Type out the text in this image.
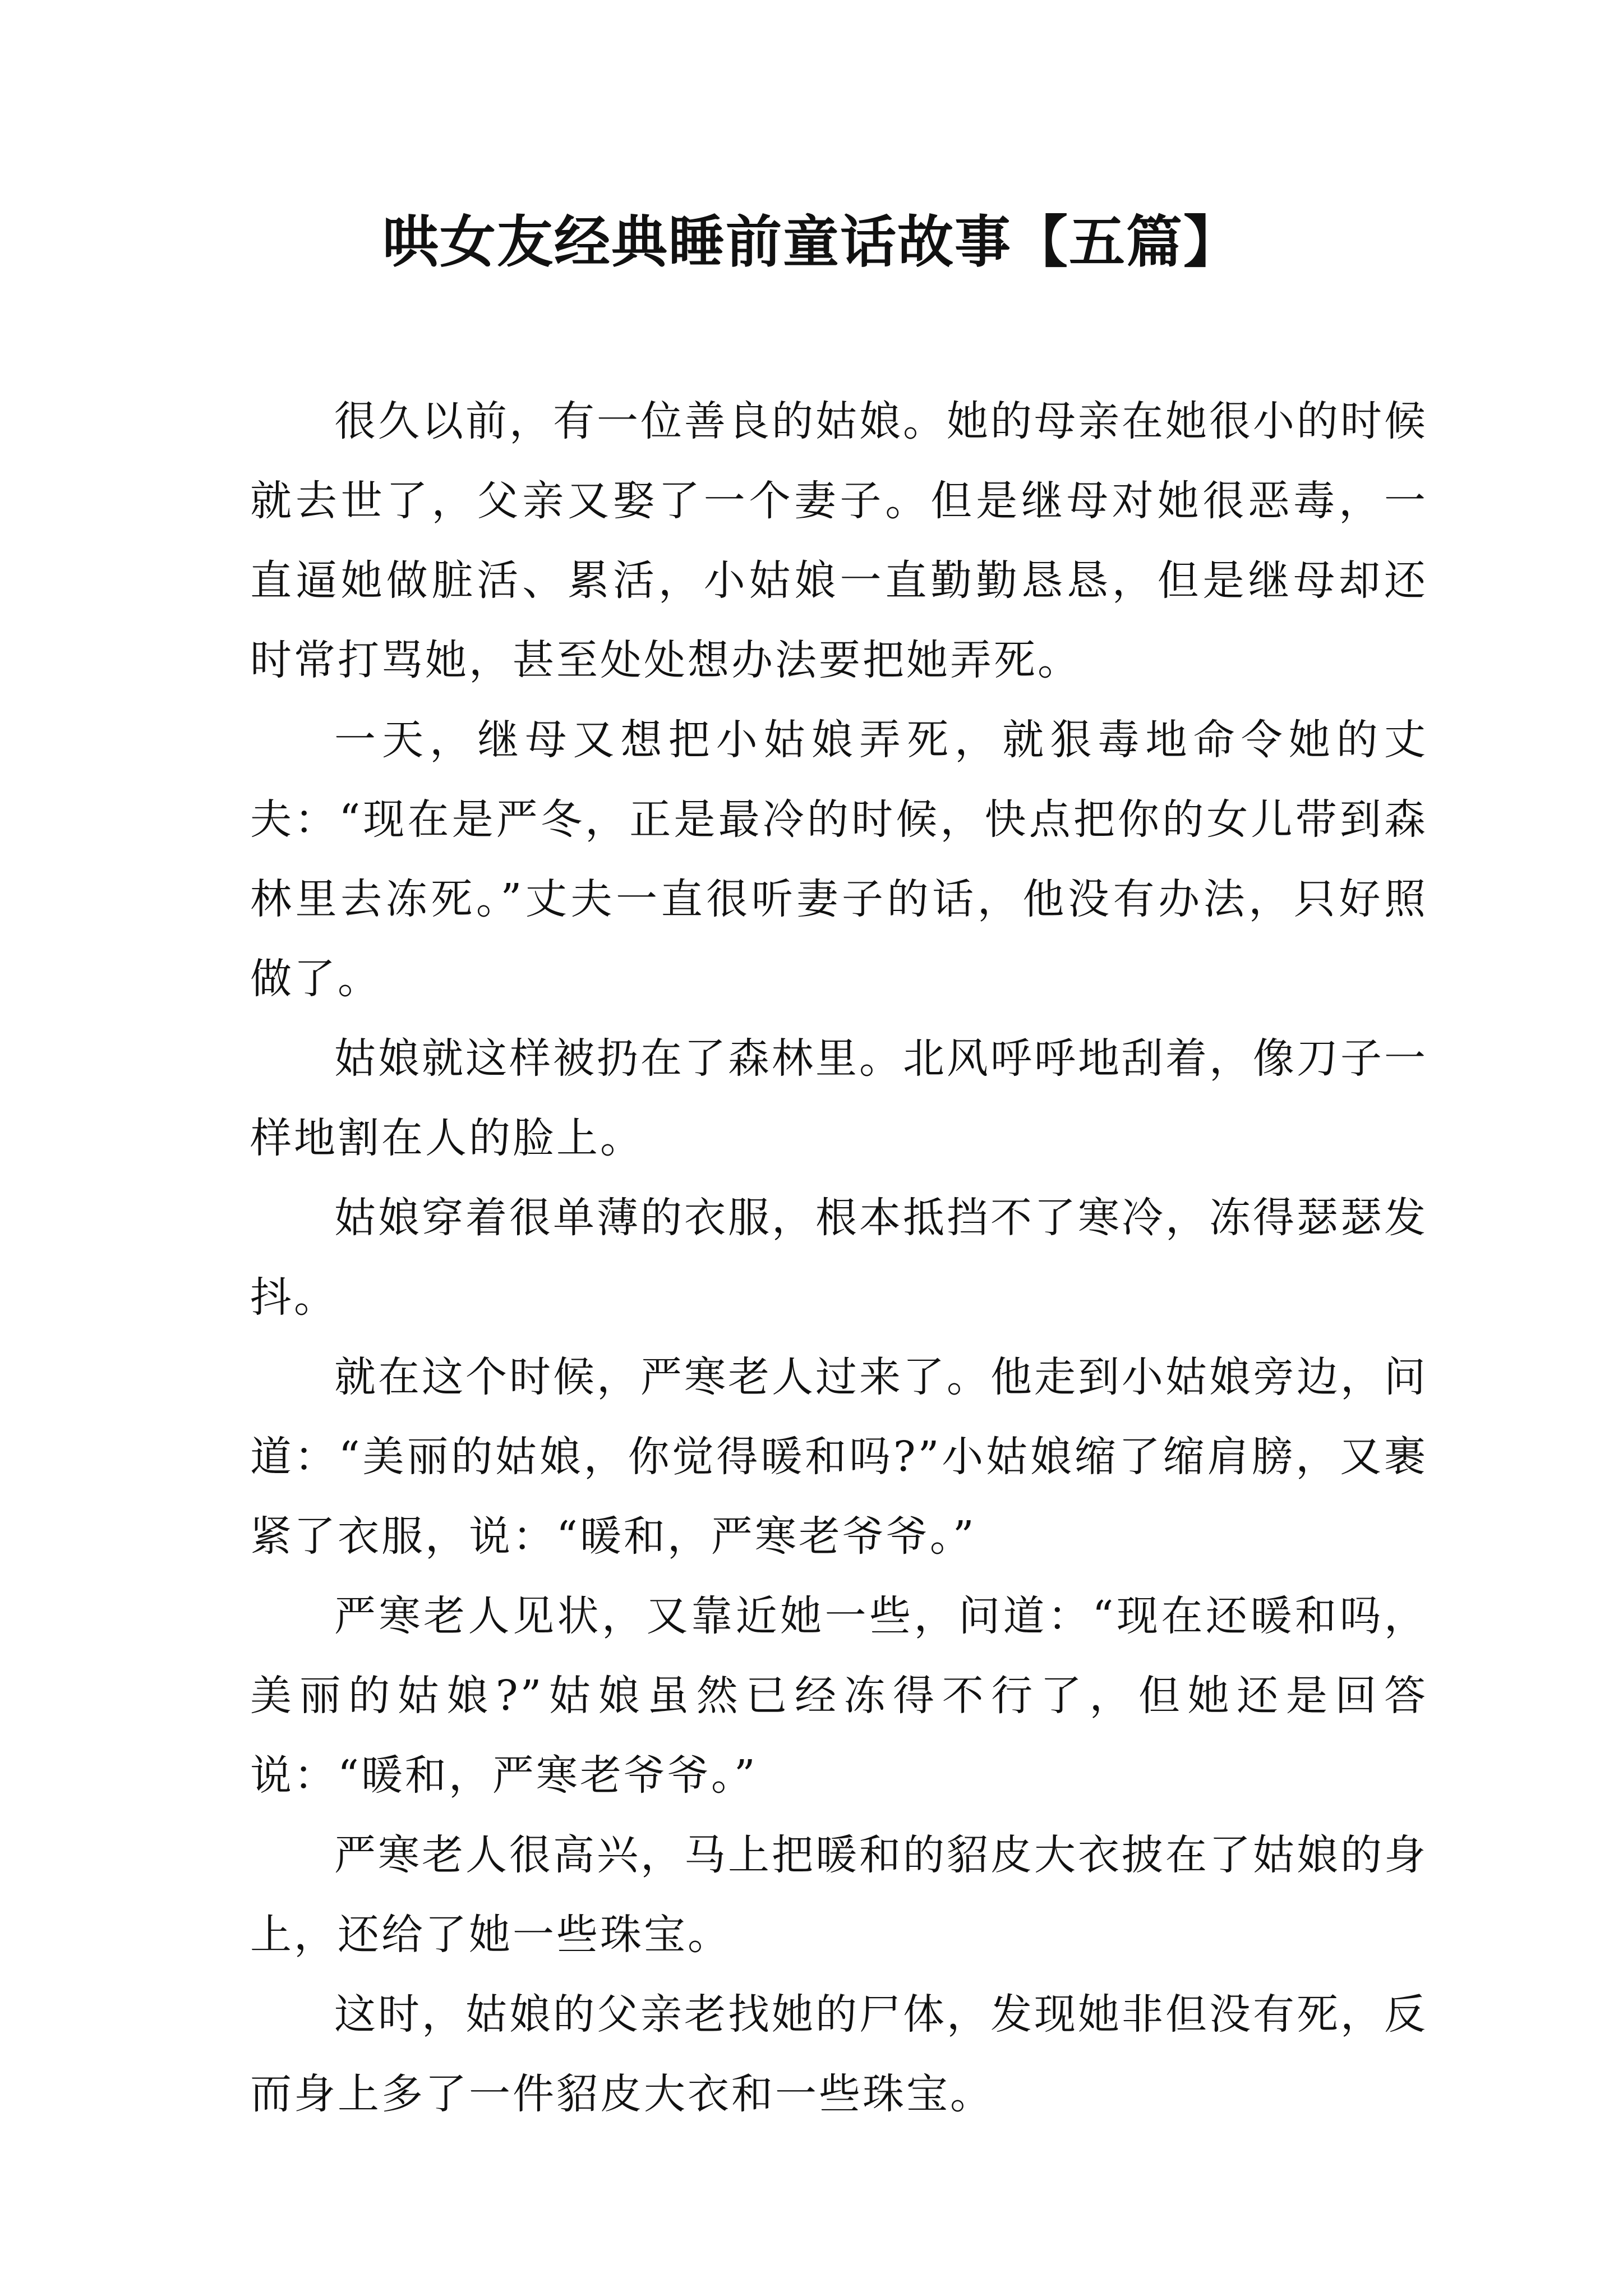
哄女友经典睡前童话故事【五篇】

很久以前，有一位善良的姑娘。她的母亲在她很小的时候就去世了，父亲又娶了一个妻子。但是继母对她很恶毒，一直逼她做脏活、累活，小姑娘一直勤勤恳恳，但是继母却还时常打骂她，甚至处处想办法要把她弄死。

一天，继母又想把小姑娘弄死，就狠毒地命令她的丈夫：“现在是严冬，正是最冷的时候，快点把你的女儿带到森林里去冻死。”丈夫一直很听妻子的话，他没有办法，只好照做了。

姑娘就这样被扔在了森林里。北风呼呼地刮着，像刀子一样地割在人的脸上。

姑娘穿着很单薄的衣服，根本抵挡不了寒冷，冻得瑟瑟发抖。

就在这个时候，严寒老人过来了。他走到小姑娘旁边，问道：“美丽的姑娘，你觉得暖和吗?”小姑娘缩了缩肩膀，又裹紧了衣服，说：“暖和，严寒老爷爷。”

严寒老人见状，又靠近她一些，问道：“现在还暖和吗，美丽的姑娘?”姑娘虽然已经冻得不行了，但她还是回答说：“暖和，严寒老爷爷。”

严寒老人很高兴，马上把暖和的貂皮大衣披在了姑娘的身上，还给了她一些珠宝。

这时，姑娘的父亲老找她的尸体，发现她非但没有死，反而身上多了一件貂皮大衣和一些珠宝。
